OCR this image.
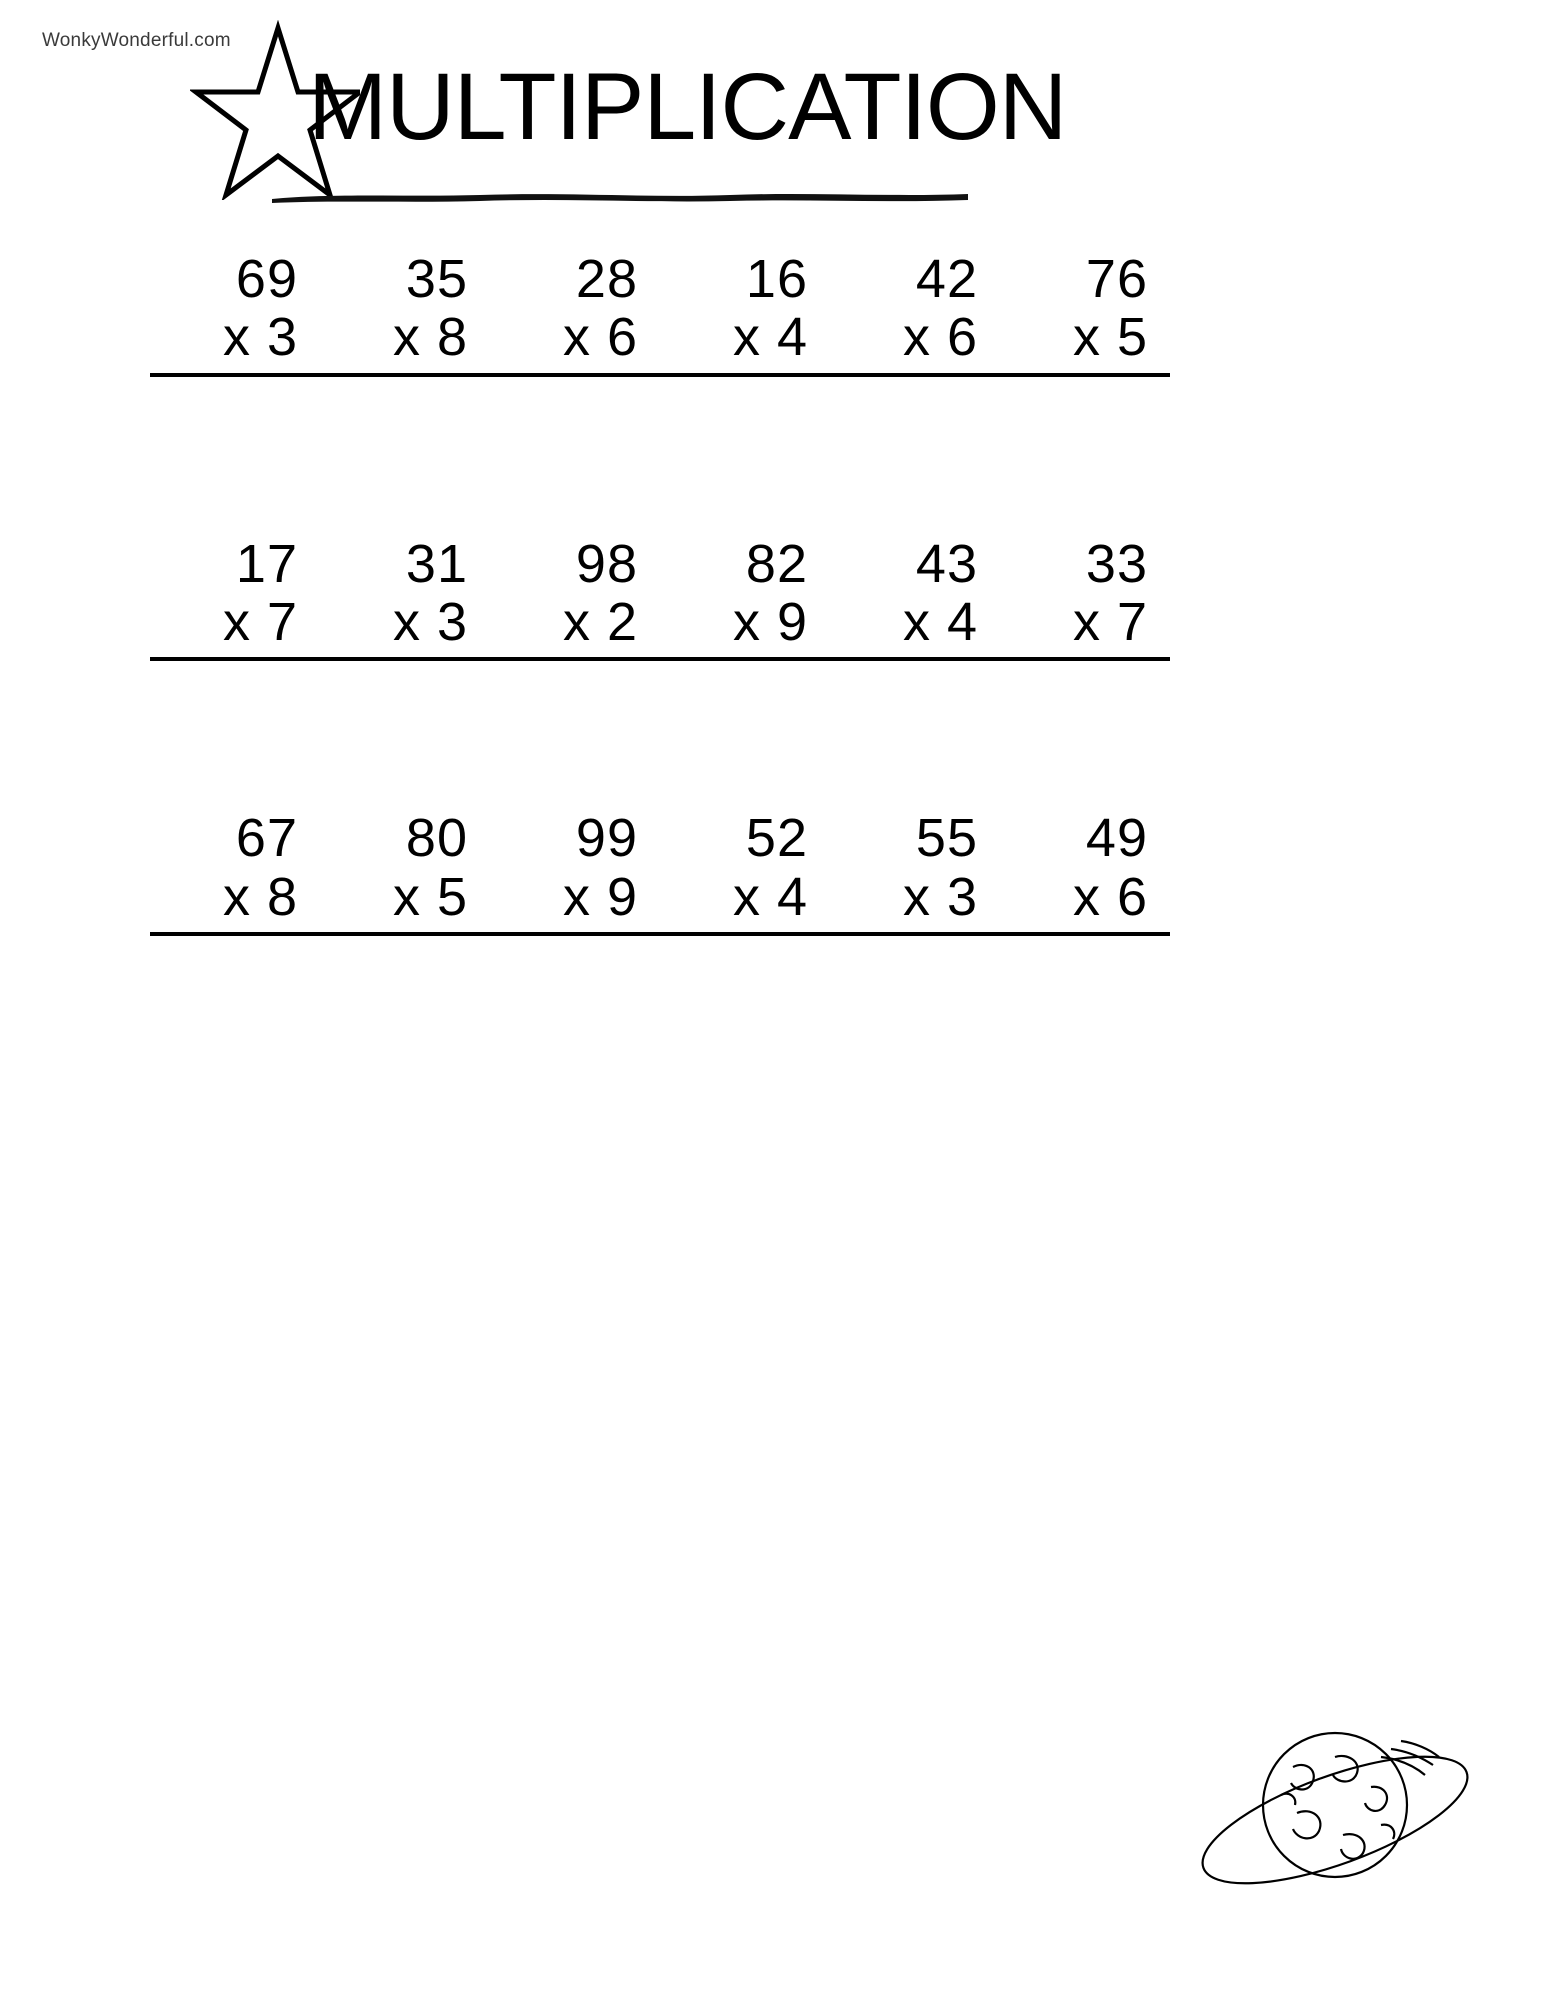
WonkyWonderful.com
MULTIPLICATION
69
x 3
35
x 8
28
x 6
16
x 4
42
x 6
76
x 5
17
x 7
31
x 3
98
x 2
82
x 9
43
x 4
33
x 7
67
x 8
80
x 5
99
x 9
52
x 4
55
x 3
49
x 6
